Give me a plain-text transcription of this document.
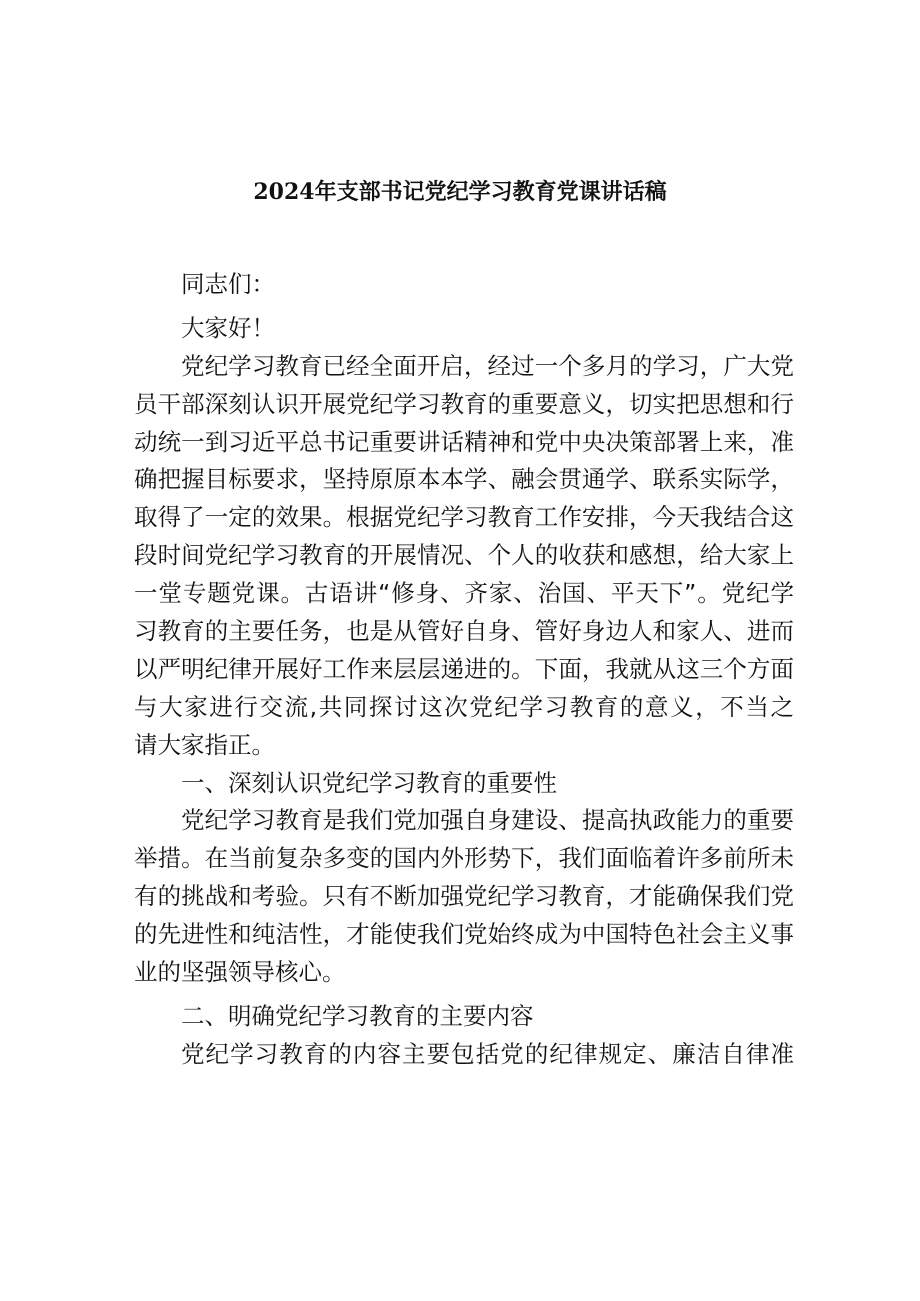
2024年支部书记党纪学习教育党课讲话稿
同志们：
大家好！
党纪学习教育已经全面开启，经过一个多月的学习，广大党
员干部深刻认识开展党纪学习教育的重要意义，切实把思想和行
动统一到习近平总书记重要讲话精神和党中央决策部署上来，准
确把握目标要求，坚持原原本本学、融会贯通学、联系实际学，
取得了一定的效果。根据党纪学习教育工作安排，今天我结合这
段时间党纪学习教育的开展情况、个人的收获和感想，给大家上
一堂专题党课。古语讲“修身、齐家、治国、平天下”。党纪学
习教育的主要任务，也是从管好自身、管好身边人和家人、进而
以严明纪律开展好工作来层层递进的。下面，我就从这三个方面
与大家进行交流,共同探讨这次党纪学习教育的意义，不当之
请大家指正。
一、深刻认识党纪学习教育的重要性
党纪学习教育是我们党加强自身建设、提高执政能力的重要
举措。在当前复杂多变的国内外形势下，我们面临着许多前所未
有的挑战和考验。只有不断加强党纪学习教育，才能确保我们党
的先进性和纯洁性，才能使我们党始终成为中国特色社会主义事
业的坚强领导核心。
二、明确党纪学习教育的主要内容
党纪学习教育的内容主要包括党的纪律规定、廉洁自律准
